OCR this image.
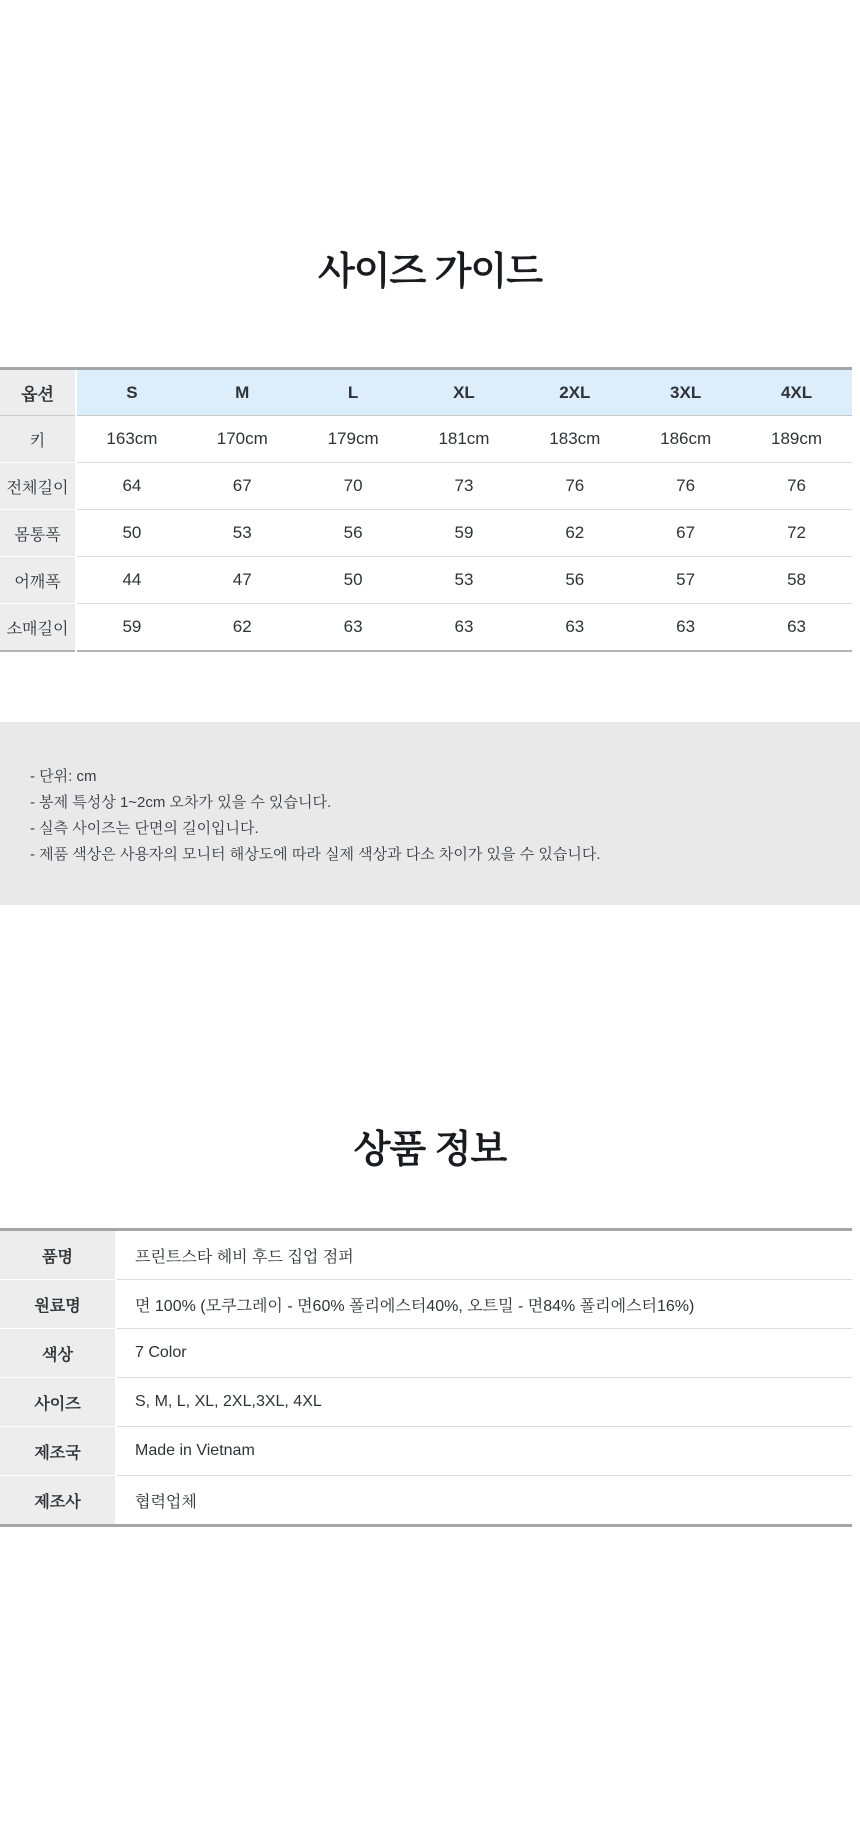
사이즈 가이드
옵션	S	M	L	XL	2XL	3XL	4XL
키	163cm	170cm	179cm	181cm	183cm	186cm	189cm
전체길이	64	67	70	73	76	76	76
몸통폭	50	53	56	59	62	67	72
어깨폭	44	47	50	53	56	57	58
소매길이	59	62	63	63	63	63	63
- 단위: cm
- 봉제 특성상 1~2cm 오차가 있을 수 있습니다.
- 실측 사이즈는 단면의 길이입니다.
- 제품 색상은 사용자의 모니터 해상도에 따라 실제 색상과 다소 차이가 있을 수 있습니다.
상품 정보
품명	프린트스타 헤비 후드 집업 점퍼
원료명	면 100% (모쿠그레이 - 면60% 폴리에스터40%, 오트밀 - 면84% 폴리에스터16%)
색상	7 Color
사이즈	S, M, L, XL, 2XL,3XL, 4XL
제조국	Made in Vietnam
제조사	협력업체
